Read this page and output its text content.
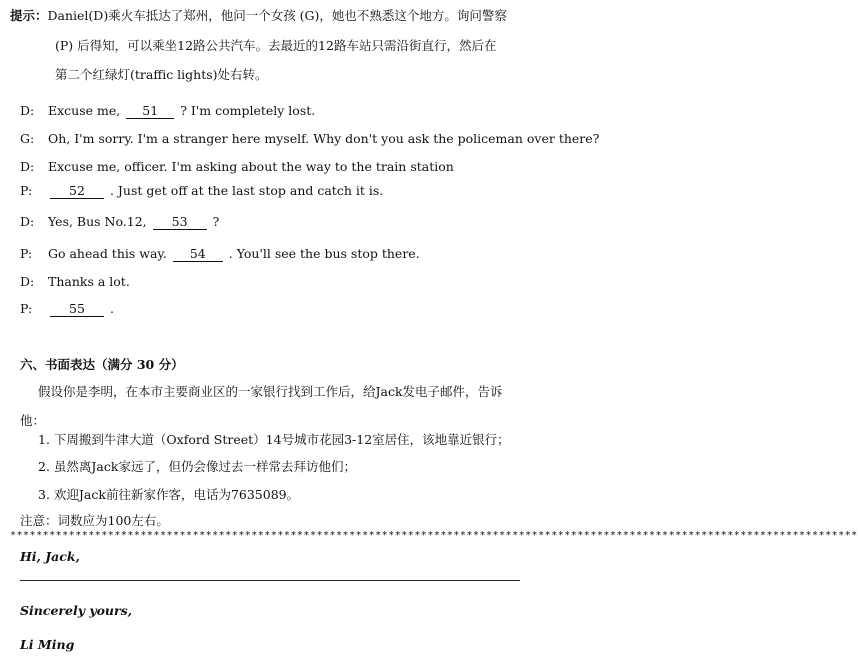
提示：Daniel(D)乘火车抵达了郑州，他问一个女孩 (G)，她也不熟悉这个地方。询问警察
(P) 后得知，可以乘坐12路公共汽车。去最近的12路车站只需沿街直行，然后在
第二个红绿灯(traffic lights)处右转。
D: Excuse me, 51 ? I'm completely lost.
G: Oh, I'm sorry. I'm a stranger here myself. Why don't you ask the policeman over there?
D: Excuse me, officer. I'm asking about the way to the train station
P:	52 . Just get off at the last stop and catch it is.
D: Yes, Bus No.12, 53 ?
P: Go ahead this way. 54 . You'll see the bus stop there.
D: Thanks a lot.
P:	55 .
六、书面表达（满分 30 分）
假设你是李明，在本市主要商业区的一家银行找到工作后，给Jack发电子邮件，告诉
他：
1. 下周搬到牛津大道（Oxford Street）14号城市花园3-12室居住，该地靠近银行；
2. 虽然离Jack家远了，但仍会像过去一样常去拜访他们；
3. 欢迎Jack前往新家作客，电话为7635089。
注意：词数应为100左右。
**********************************************************************************************************************************
Hi, Jack,
Sincerely yours,
Li Ming
